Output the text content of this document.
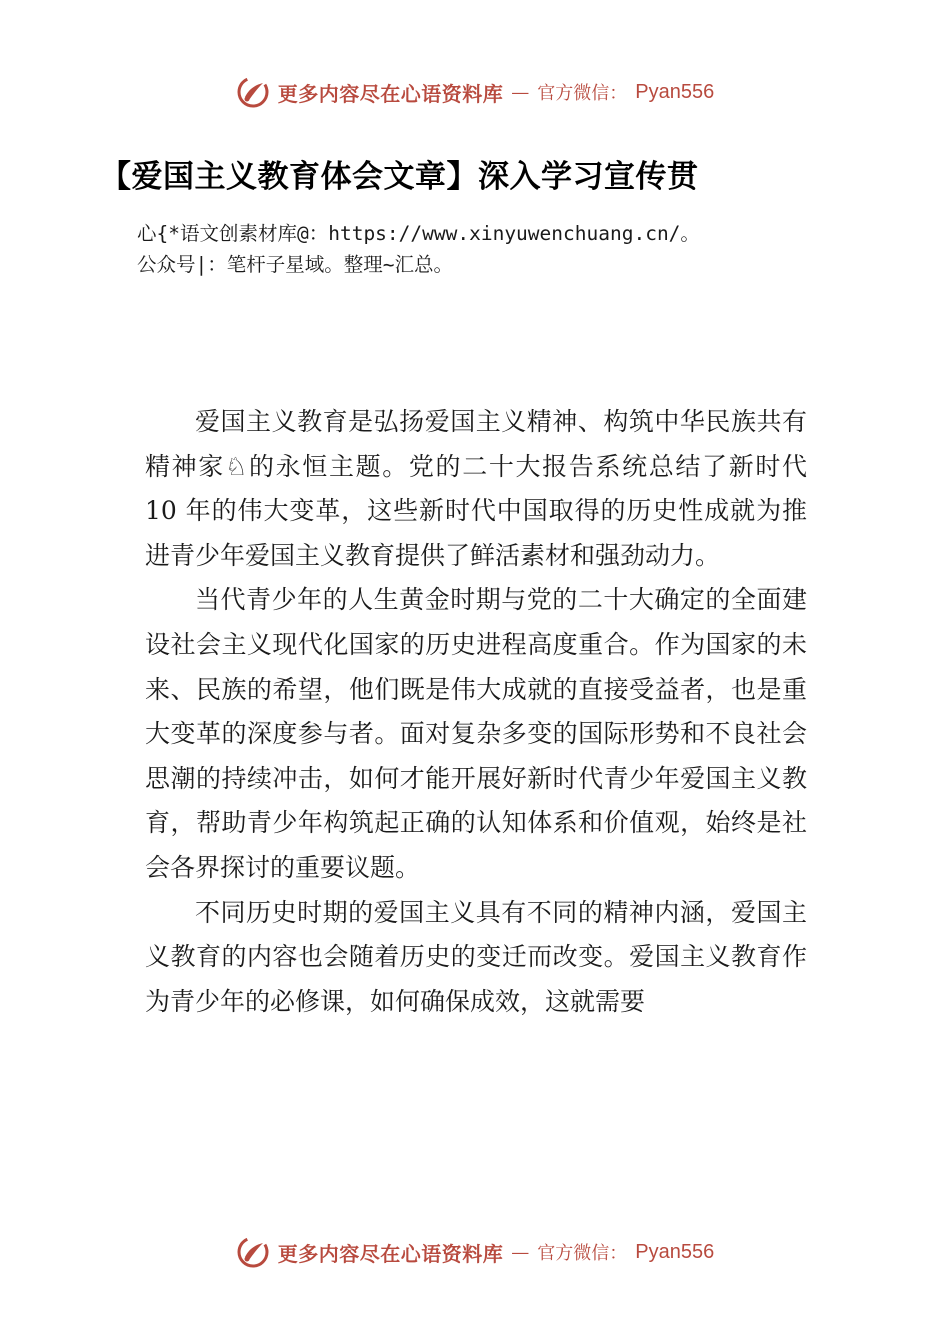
更多内容尽在心语资料库 — 官方微信： Pyan556
【爱国主义教育体会文章】深入学习宣传贯
心{*语文创素材库@：https://www.xinyuwenchuang.cn/。
公众号|：笔杆子星域。整理~汇总。

爱国主义教育是弘扬爱国主义精神、构筑中华民族共有精神家♘的永恒主题。党的二十大报告系统总结了新时代 10 年的伟大变革，这些新时代中国取得的历史性成就为推进青少年爱国主义教育提供了鲜活素材和强劲动力。

当代青少年的人生黄金时期与党的二十大确定的全面建设社会主义现代化国家的历史进程高度重合。作为国家的未来、民族的希望，他们既是伟大成就的直接受益者，也是重大变革的深度参与者。面对复杂多变的国际形势和不良社会思潮的持续冲击，如何才能开展好新时代青少年爱国主义教育，帮助青少年构筑起正确的认知体系和价值观，始终是社会各界探讨的重要议题。

不同历史时期的爱国主义具有不同的精神内涵，爱国主义教育的内容也会随着历史的变迁而改变。爱国主义教育作为青少年的必修课，如何确保成效，这就需要

更多内容尽在心语资料库 — 官方微信： Pyan556
